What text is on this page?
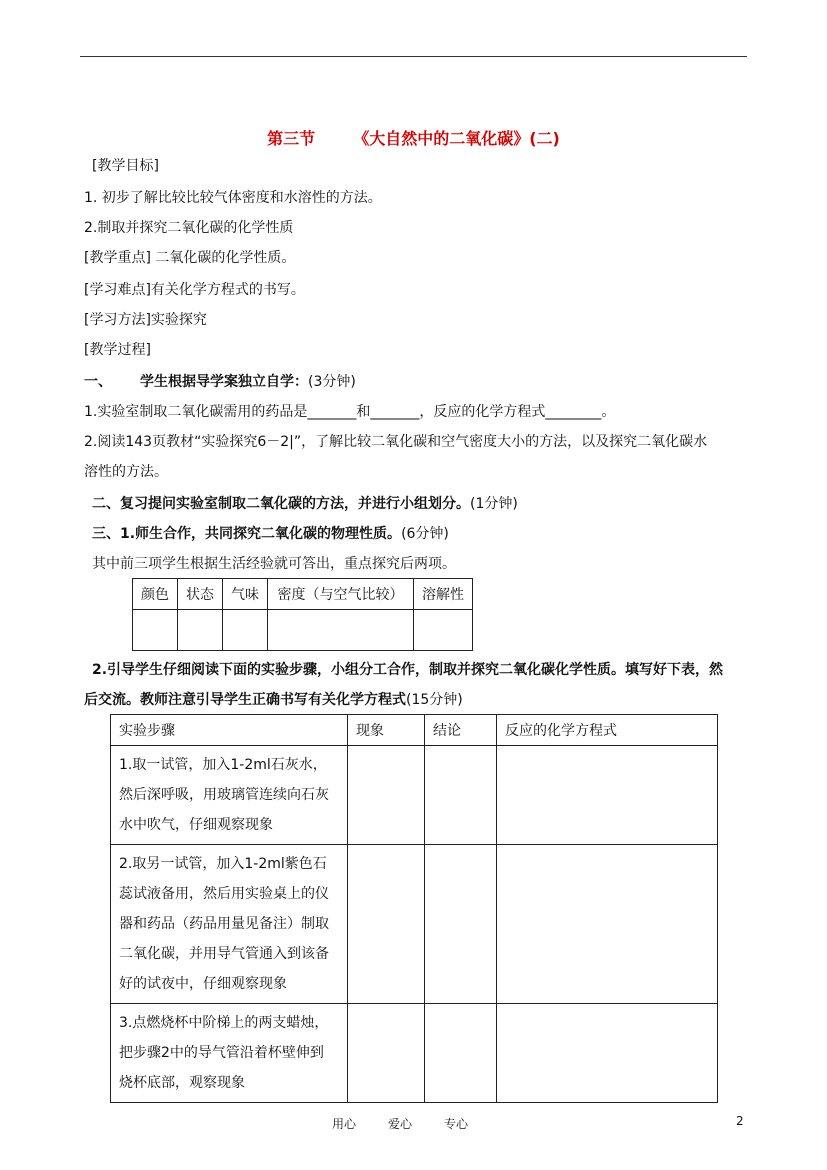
第三节 《大自然中的二氧化碳》(二)
[教学目标]
1. 初步了解比较比较气体密度和水溶性的方法。
2.制取并探究二氧化碳的化学性质
[教学重点] 二氧化碳的化学性质。
[学习难点]有关化学方程式的书写。
[学习方法]实验探究
[教学过程]
一、 学生根据导学案独立自学：(3分钟)
1.实验室制取二氧化碳需用的药品是_______和_______，反应的化学方程式________。
2.阅读143页教材“实验探究6－2|”，了解比较二氧化碳和空气密度大小的方法，以及探究二氧化碳水
溶性的方法。
二、复习提问实验室制取二氧化碳的方法，并进行小组划分。(1分钟)
三、1.师生合作，共同探究二氧化碳的物理性质。(6分钟)
其中前三项学生根据生活经验就可答出，重点探究后两项。
颜色	状态	气味	密度（与空气比较）	溶解性

2.引导学生仔细阅读下面的实验步骤，小组分工合作，制取并探究二氧化碳化学性质。填写好下表，然
后交流。教师注意引导学生正确书写有关化学方程式(15分钟)
实验步骤	现象	结论	反应的化学方程式

1.取一试管，加入1-2ml石灰水，
然后深呼吸，用玻璃管连续向石灰
水中吹气，仔细观察现象			

2.取另一试管，加入1-2ml紫色石
蕊试液备用，然后用实验桌上的仪
器和药品（药品用量见备注）制取
二氧化碳，并用导气管通入到该备
好的试夜中，仔细观察现象			

3.点燃烧杯中阶梯上的两支蜡烛，
把步骤2中的导气管沿着杯壁伸到
烧杯底部，观察现象			

用心	爱心	专心	2
